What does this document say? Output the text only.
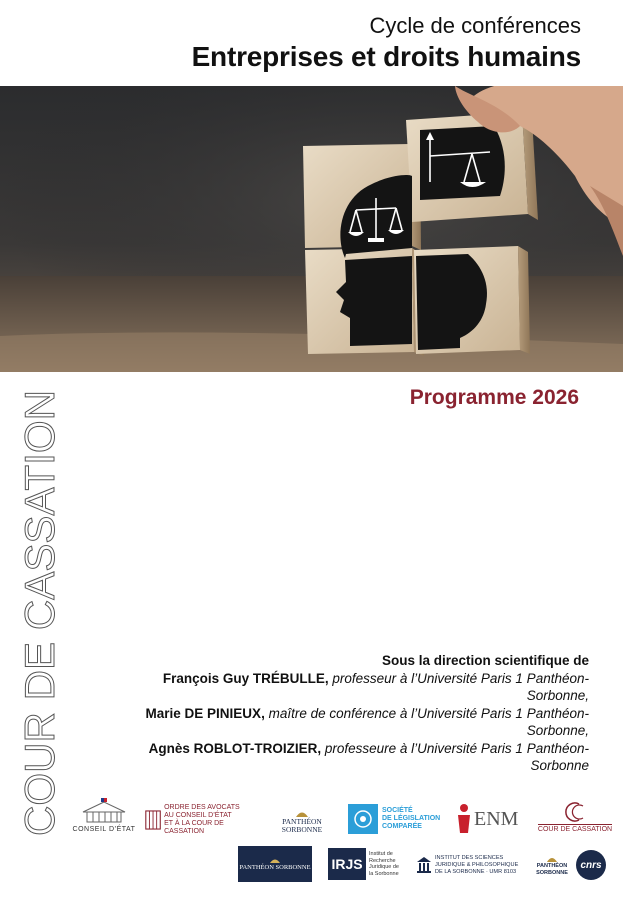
Cycle de conférences
Entreprises et droits humains
Programme 2026
COUR DE CASSATION	Sous la direction scientifique de
François Guy TRÉBULLE, professeur à l’Université Paris 1 Panthéon-Sorbonne,
Marie DE PINIEUX, maître de conférence à l’Université Paris 1 Panthéon-Sorbonne,
Agnès ROBLOT-TROIZIER, professeure à l’Université Paris 1 Panthéon-Sorbonne
CONSEIL D’ÉTAT
ORDRE DES AVOCATS
AU CONSEIL D’ÉTAT
ET À LA COUR DE CASSATION
PANTHÉON SORBONNE
SOCIÉTÉ
DE LÉGISLATION
COMPARÉE	ENM	COUR DE CASSATION
PANTHÉON SORBONNE IRJS
Institut de
Recherche
Juridique de
la Sorbonne
INSTITUT DES SCIENCES
JURIDIQUE & PHILOSOPHIQUE
DE LA SORBONNE · UMR 8103
PANTHÉON SORBONNE
cnrs
